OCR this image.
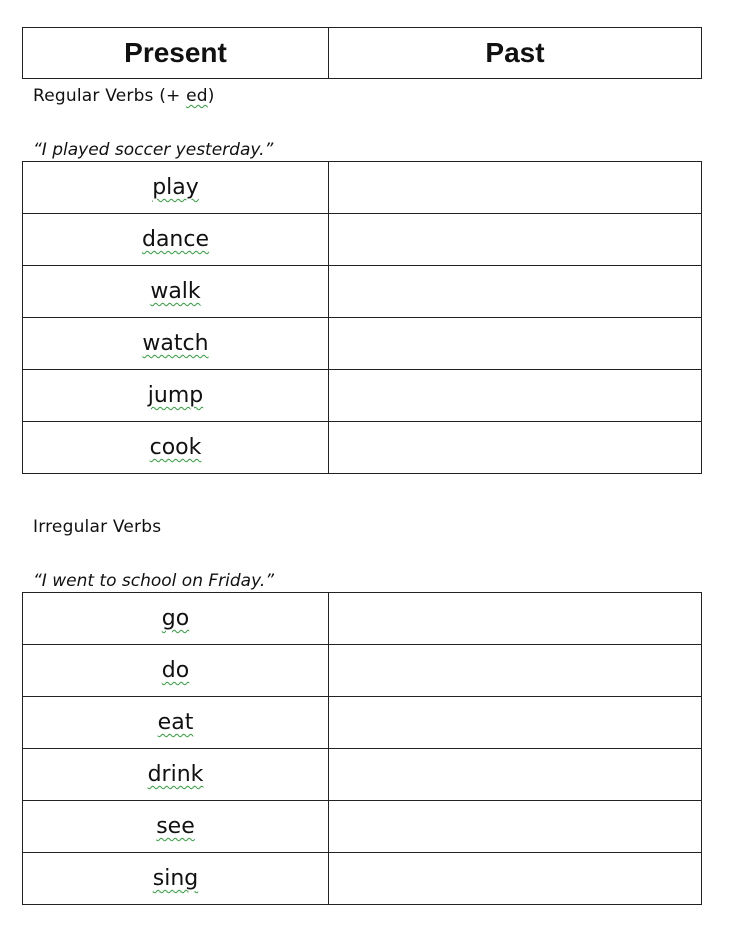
Present	Past
Regular Verbs (+ ed)
“I played soccer yesterday.”
play	
dance	
walk	
watch	
jump	
cook	
Irregular Verbs
“I went to school on Friday.”
go	
do	
eat	
drink	
see	
sing	
